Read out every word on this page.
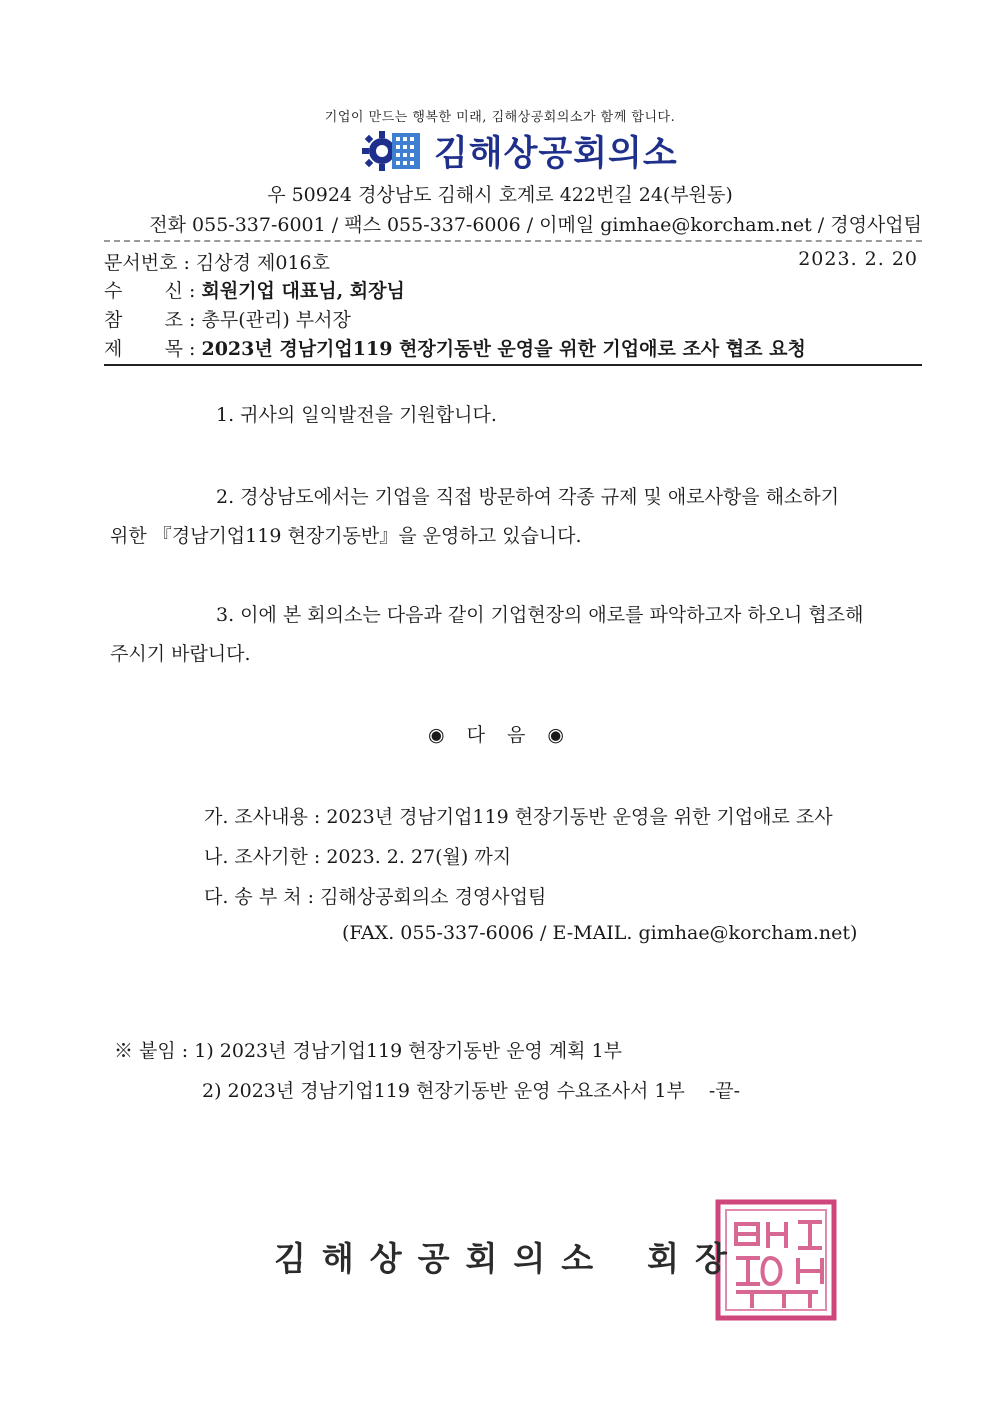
기업이 만드는 행복한 미래, 김해상공회의소가 함께 합니다.
김해상공회의소
우 50924 경상남도 김해시 호계로 422번길 24(부원동)
전화 055-337-6001 / 팩스 055-337-6006 / 이메일 gimhae@korcham.net / 경영사업팀
문서번호 : 김상경 제016호	2023. 2. 20
수       신 : 회원기업 대표님, 회장님
참       조 : 총무(관리) 부서장
제       목 : 2023년 경남기업119 현장기동반 운영을 위한 기업애로 조사 협조 요청
1. 귀사의 일익발전을 기원합니다.
2. 경상남도에서는 기업을 직접 방문하여 각종 규제 및 애로사항을 해소하기
위한 『경남기업119 현장기동반』을 운영하고 있습니다.
3. 이에 본 회의소는 다음과 같이 기업현장의 애로를 파악하고자 하오니 협조해
주시기 바랍니다.
◉ 다 음 ◉
가. 조사내용 : 2023년 경남기업119 현장기동반 운영을 위한 기업애로 조사
나. 조사기한 : 2023. 2. 27(월) 까지
다. 송 부 처 : 김해상공회의소 경영사업팀
(FAX. 055-337-6006 / E-MAIL. gimhae@korcham.net)
※ 붙임 : 1) 2023년 경남기업119 현장기동반 운영 계획 1부
2) 2023년 경남기업119 현장기동반 운영 수요조사서 1부 -끝-
김해상공회의소 회장
